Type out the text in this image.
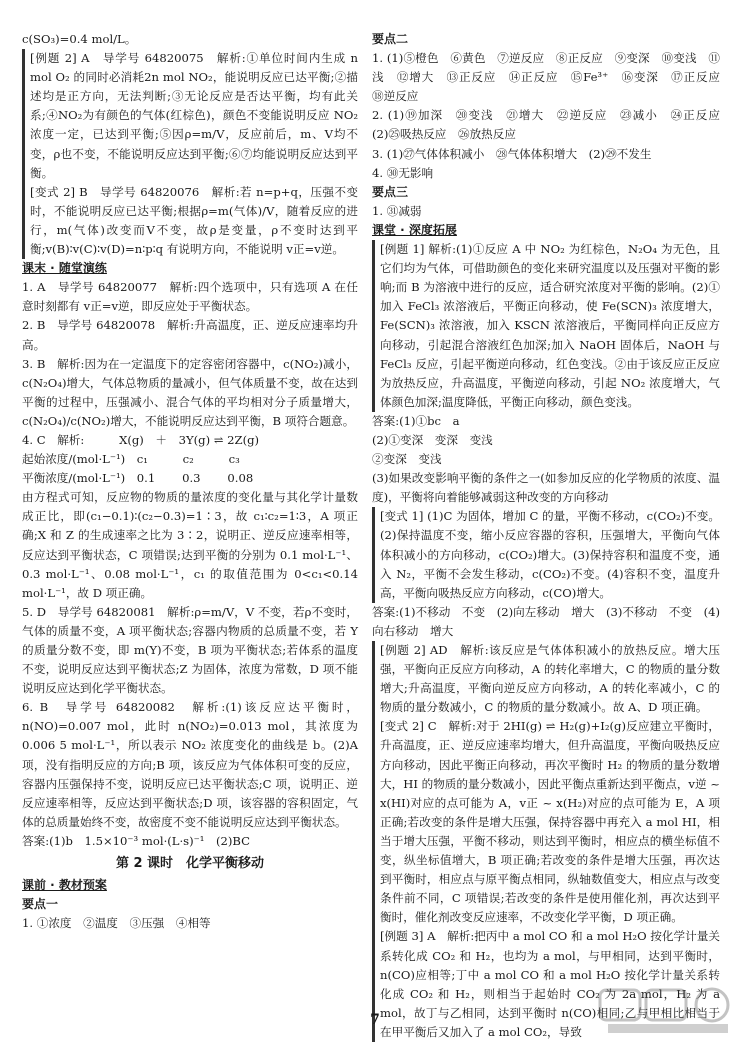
c(SO₃)=0.4 mol/L。

[例题 2] A　导学号 64820075　解析:①单位时间内生成 n mol O₂ 的同时必消耗2n mol NO₂，能说明反应已达平衡;②描述均是正方向，无法判断;③无论反应是否达平衡，均有此关系;④NO₂为有颜色的气体(红棕色)，颜色不变能说明反应 NO₂ 浓度一定，已达到平衡;⑤因ρ=m/V，反应前后，m、V均不变，ρ也不变，不能说明反应达到平衡;⑥⑦均能说明反应达到平衡。

[变式 2] B　导学号 64820076　解析:若 n=p+q，压强不变时，不能说明反应已达平衡;根据ρ=m(气体)/V，随着反应的进行，m(气体)改变而V不变，故ρ是变量，ρ不变时达到平衡;v(B)∶v(C)∶v(D)=n∶p∶q 有说明方向，不能说明 v正=v逆。

课末 · 随堂演练

1. A　导学号 64820077　解析:四个选项中，只有选项 A 在任意时刻都有 v正=v逆，即反应处于平衡状态。

2. B　导学号 64820078　解析:升高温度，正、逆反应速率均升高。

3. B　解析:因为在一定温度下的定容密闭容器中，c(NO₂)减小，c(N₂O₄)增大，气体总物质的量减小，但气体质量不变，故在达到平衡的过程中，压强减小、混合气体的平均相对分子质量增大，c(N₂O₄)/c(NO₂)增大，不能说明反应达到平衡，B 项符合题意。

4. C　解析:　　　X(g)　＋　3Y(g) ⇌ 2Z(g)

起始浓度/(mol·L⁻¹)　c₁　　　c₂　　　c₃

平衡浓度/(mol·L⁻¹)　0.1　　 0.3　　 0.08

由方程式可知，反应物的物质的量浓度的变化量与其化学计量数成正比，即(c₁−0.1)∶(c₂−0.3)=1∶3，故 c₁∶c₂=1∶3，A 项正确;X 和 Z 的生成速率之比为 3∶2，说明正、逆反应速率相等，反应达到平衡状态，C 项错误;达到平衡的分别为 0.1 mol·L⁻¹、0.3 mol·L⁻¹、0.08 mol·L⁻¹，c₁ 的取值范围为 0<c₁<0.14 mol·L⁻¹，故 D 项正确。

5. D　导学号 64820081　解析:ρ=m/V，V 不变，若ρ不变时，气体的质量不变，A 项平衡状态;容器内物质的总质量不变，若 Y 的质量分数不变，即 m(Y)不变，B 项为平衡状态;若体系的温度不变，说明反应达到平衡状态;Z 为固体，浓度为常数，D 项不能说明反应达到化学平衡状态。

6. B　导学号 64820082　解析:(1)该反应达平衡时，n(NO)=0.007 mol，此时 n(NO₂)=0.013 mol，其浓度为 0.006 5 mol·L⁻¹，所以表示 NO₂ 浓度变化的曲线是 b。(2)A 项，没有指明反应的方向;B 项，该反应为气体体积可变的反应，容器内压强保持不变，说明反应已达平衡状态;C 项，说明正、逆反应速率相等，反应达到平衡状态;D 项，该容器的容积固定，气体的总质量始终不变，故密度不变不能说明反应达到平衡状态。

答案:(1)b　1.5×10⁻³ mol·(L·s)⁻¹　(2)BC

第 2 课时　化学平衡移动

课前 · 教材预案

要点一

1. ①浓度　②温度　③压强　④相等

要点二

1. (1)⑤橙色　⑥黄色　⑦逆反应　⑧正反应　⑨变深　⑩变浅　⑪浅　⑫增大　⑬正反应　⑭正反应　⑮Fe³⁺　⑯变深　⑰正反应　⑱逆反应

2. (1)⑲加深　⑳变浅　㉑增大　㉒逆反应　㉓减小　㉔正反应　(2)㉕吸热反应　㉖放热反应

3. (1)㉗气体体积减小　㉘气体体积增大　(2)㉙不发生

4. ㉚无影响

要点三

1. ㉛减弱

课堂 · 深度拓展

[例题 1] 解析:(1)①反应 A 中 NO₂ 为红棕色，N₂O₄ 为无色，且它们均为气体，可借助颜色的变化来研究温度以及压强对平衡的影响;而 B 为溶液中进行的反应，适合研究浓度对平衡的影响。(2)①加入 FeCl₃ 浓溶液后，平衡正向移动，使 Fe(SCN)₃ 浓度增大，Fe(SCN)₃ 浓溶液，加入 KSCN 浓溶液后，平衡同样向正反应方向移动，引起混合溶液红色加深;加入 NaOH 固体后，NaOH 与 FeCl₃ 反应，引起平衡逆向移动，红色变浅。②由于该反应正反应为放热反应，升高温度，平衡逆向移动，引起 NO₂ 浓度增大，气体颜色加深;温度降低，平衡正向移动，颜色变浅。

答案:(1)①bc　a

(2)①变深　变深　变浅

②变深　变浅

(3)如果改变影响平衡的条件之一(如参加反应的化学物质的浓度、温度)，平衡将向着能够减弱这种改变的方向移动

[变式 1] (1)C 为固体，增加 C 的量，平衡不移动，c(CO₂)不变。(2)保持温度不变，缩小反应容器的容积，压强增大，平衡向气体体积减小的方向移动，c(CO₂)增大。(3)保持容积和温度不变，通入 N₂，平衡不会发生移动，c(CO₂)不变。(4)容积不变，温度升高，平衡向吸热反应方向移动，c(CO)增大。

答案:(1)不移动　不变　(2)向左移动　增大　(3)不移动　不变　(4)向右移动　增大

[例题 2] AD　解析:该反应是气体体积减小的放热反应。增大压强，平衡向正反应方向移动，A 的转化率增大，C 的物质的量分数增大;升高温度，平衡向逆反应方向移动，A 的转化率减小，C 的物质的量分数减小，C 的物质的量分数减小。故 A、D 项正确。

[变式 2] C　解析:对于 2HI(g) ⇌ H₂(g)+I₂(g)反应建立平衡时，升高温度，正、逆反应速率均增大，但升高温度，平衡向吸热反应方向移动，因此平衡正向移动，再次平衡时 H₂ 的物质的量分数增大，HI 的物质的量分数减小，因此平衡点重新达到平衡点，v逆 ~ x(HI)对应的点可能为 A，v正 ~ x(H₂)对应的点可能为 E，A 项正确;若改变的条件是增大压强，保持容器中再充入 a mol HI，相当于增大压强，平衡不移动，则达到平衡时，相应点的横坐标值不变，纵坐标值增大，B 项正确;若改变的条件是增大压强，再次达到平衡时，相应点与原平衡点相同，纵轴数值变大，相应点与改变条件前不同，C 项错误;若改变的条件是使用催化剂，再次达到平衡时，催化剂改变反应速率，不改变化学平衡，D 项正确。

[例题 3] A　解析:把丙中 a mol CO 和 a mol H₂O 按化学计量关系转化成 CO₂ 和 H₂，也均为 a mol，与甲相同，达到平衡时，n(CO)应相等;丁中 a mol CO 和 a mol H₂O 按化学计量关系转化成 CO₂ 和 H₂，则相当于起始时 CO₂ 为 2a mol，H₂ 为 a mol，故丁与乙相同，达到平衡时 n(CO)相同;乙与甲相比相当于在甲平衡后又加入了 a mol CO₂，导致

7
